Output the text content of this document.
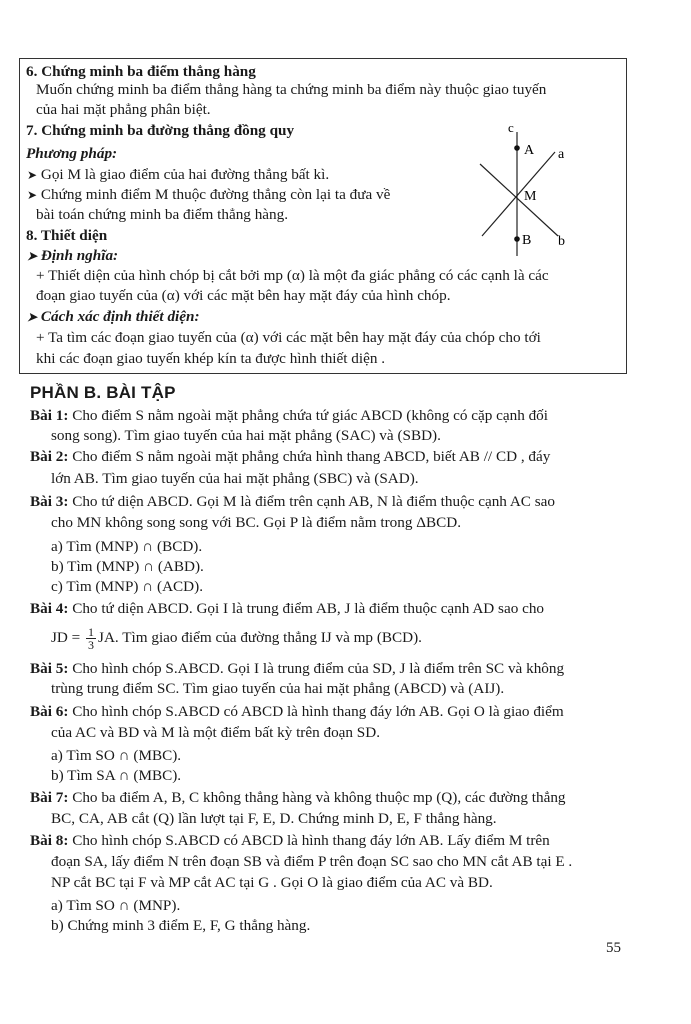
6. Chứng minh ba điểm thẳng hàng
Muốn chứng minh ba điểm thẳng hàng ta chứng minh ba điểm này thuộc giao tuyến
của hai mặt phẳng phân biệt.
7. Chứng minh ba đường thẳng đồng quy
Phương pháp:
➤ Gọi M là giao điểm của hai đường thẳng bất kì.
➤ Chứng minh điểm M thuộc đường thẳng còn lại ta đưa về
bài toán chứng minh ba điểm thẳng hàng.
c
A a
M
B b
8. Thiết diện
➤ Định nghĩa:
+ Thiết diện của hình chóp bị cắt bởi mp (α) là một đa giác phẳng có các cạnh là các
đoạn giao tuyến của (α) với các mặt bên hay mặt đáy của hình chóp.
➤ Cách xác định thiết diện:
+ Ta tìm các đoạn giao tuyến của (α) với các mặt bên hay mặt đáy của chóp cho tới
khi các đoạn giao tuyến khép kín ta được hình thiết diện .
PHẦN B. BÀI TẬP
Bài 1: Cho điểm S nằm ngoài mặt phẳng chứa tứ giác ABCD (không có cặp cạnh đối
song song). Tìm giao tuyến của hai mặt phẳng (SAC) và (SBD).
Bài 2: Cho điểm S nằm ngoài mặt phẳng chứa hình thang ABCD, biết AB // CD , đáy
lớn AB. Tìm giao tuyến của hai mặt phẳng (SBC) và (SAD).
Bài 3: Cho tứ diện ABCD. Gọi M là điểm trên cạnh AB, N là điểm thuộc cạnh AC sao
cho MN không song song với BC. Gọi P là điểm nằm trong ΔBCD.
a) Tìm (MNP) ∩ (BCD).
b) Tìm (MNP) ∩ (ABD).
c) Tìm (MNP) ∩ (ACD).
Bài 4: Cho tứ diện ABCD. Gọi I là trung điểm AB, J là điểm thuộc cạnh AD sao cho
JD = $\frac{1}{3}$ JA. Tìm giao điểm của đường thẳng IJ và mp (BCD).
Bài 5: Cho hình chóp S.ABCD. Gọi I là trung điểm của SD, J là điểm trên SC và không
trùng trung điểm SC. Tìm giao tuyến của hai mặt phẳng (ABCD) và (AIJ).
Bài 6: Cho hình chóp S.ABCD có ABCD là hình thang đáy lớn AB. Gọi O là giao điểm
của AC và BD và M là một điểm bất kỳ trên đoạn SD.
a) Tìm SO ∩ (MBC).
b) Tìm SA ∩ (MBC).
Bài 7: Cho ba điểm A, B, C không thẳng hàng và không thuộc mp (Q), các đường thẳng
BC, CA, AB cắt (Q) lần lượt tại F, E, D. Chứng minh D, E, F thẳng hàng.
Bài 8: Cho hình chóp S.ABCD có ABCD là hình thang đáy lớn AB. Lấy điểm M trên
đoạn SA, lấy điểm N trên đoạn SB và điểm P trên đoạn SC sao cho MN cắt AB tại E .
NP cắt BC tại F và MP cắt AC tại G . Gọi O là giao điểm của AC và BD.
a) Tìm SO ∩ (MNP).
b) Chứng minh 3 điểm E, F, G thẳng hàng.
55
